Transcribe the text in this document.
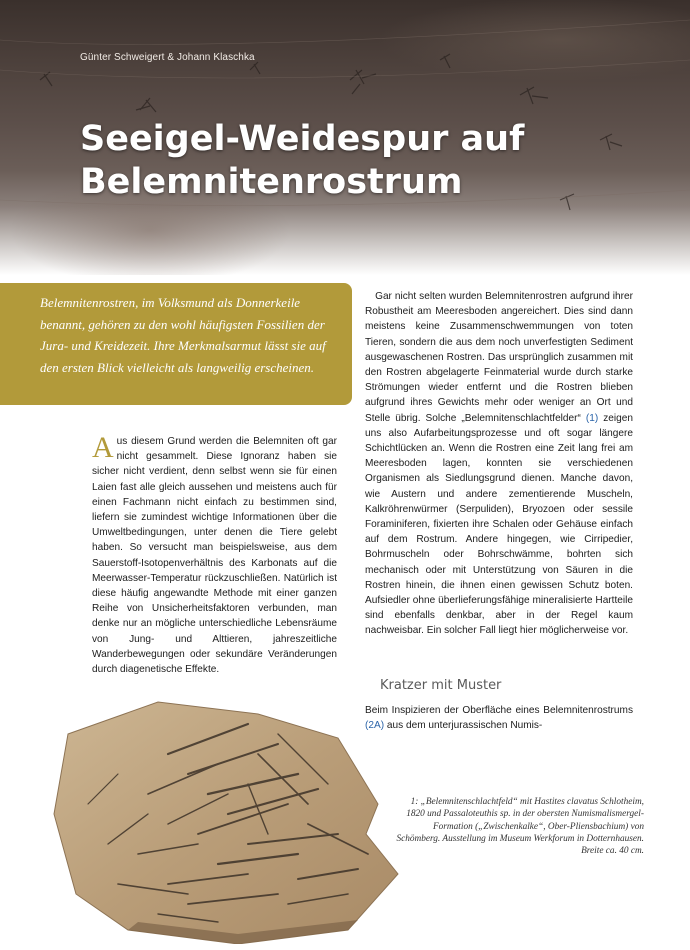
Günter Schweigert & Johann Klaschka
Seeigel-Weidespur auf
Belemnitenrostrum
Belemnitenrostren, im Volksmund als Donnerkeile benannt, gehören zu den wohl häufigsten Fossilien der Jura- und Kreidezeit. Ihre Merkmalsarmut lässt sie auf den ersten Blick vielleicht als langweilig erscheinen.

Aus diesem Grund werden die Belemniten oft gar nicht gesammelt. Diese Ignoranz haben sie sicher nicht verdient, denn selbst wenn sie für einen Laien fast alle gleich aussehen und meistens auch für einen Fachmann nicht einfach zu bestimmen sind, liefern sie zumindest wichtige Informationen über die Umweltbedingungen, unter denen die Tiere gelebt haben. So versucht man beispielsweise, aus dem Sauerstoff-Isotopenverhältnis des Karbonats auf die Meerwasser-Temperatur rückzuschließen. Natürlich ist diese häufig angewandte Methode mit einer ganzen Reihe von Unsicherheitsfaktoren verbunden, man denke nur an mögliche unterschiedliche Lebensräume von Jung- und Alttieren, jahreszeitliche Wanderbewegungen oder sekundäre Veränderungen durch diagenetische Effekte.

 Gar nicht selten wurden Belemnitenrostren aufgrund ihrer Robustheit am Meeresboden angereichert. Dies sind dann meistens keine Zusammenschwemmungen von toten Tieren, sondern die aus dem noch unverfestigten Sediment ausgewaschenen Rostren. Das ursprünglich zusammen mit den Rostren abgelagerte Feinmaterial wurde durch starke Strömungen wieder entfernt und die Rostren blieben aufgrund ihres Gewichts mehr oder weniger an Ort und Stelle übrig. Solche „Belemnitenschlachtfelder“ (1) zeigen uns also Aufarbeitungsprozesse und oft sogar längere Schichtlücken an. Wenn die Rostren eine Zeit lang frei am Meeresboden lagen, konnten sie verschiedenen Organismen als Siedlungsgrund dienen. Manche davon, wie Austern und andere zementierende Muscheln, Kalkröhrenwürmer (Serpuliden), Bryozoen oder sessile Foraminiferen, fixierten ihre Schalen oder Gehäuse einfach auf dem Rostrum. Andere hingegen, wie Cirripedier, Bohrmuscheln oder Bohrschwämme, bohrten sich mechanisch oder mit Unterstützung von Säuren in die Rostren hinein, die ihnen einen gewissen Schutz boten. Aufsiedler ohne überlieferungsfähige mineralisierte Hartteile sind ebenfalls denkbar, aber in der Regel kaum nachweisbar. Ein solcher Fall liegt hier möglicherweise vor.

Kratzer mit Muster

Beim Inspizieren der Oberfläche eines Belemnitenrostrums (2A) aus dem unterjurassischen Numis-

1: „Belemnitenschlachtfeld“ mit Hastites clavatus Schlotheim, 1820 und Passaloteuthis sp. in der obersten Numismalismergel-Formation („Zwischenkalke“, Ober-Pliensbachium) von Schömberg. Ausstellung im Museum Werkforum in Dotternhausen. Breite ca. 40 cm.
